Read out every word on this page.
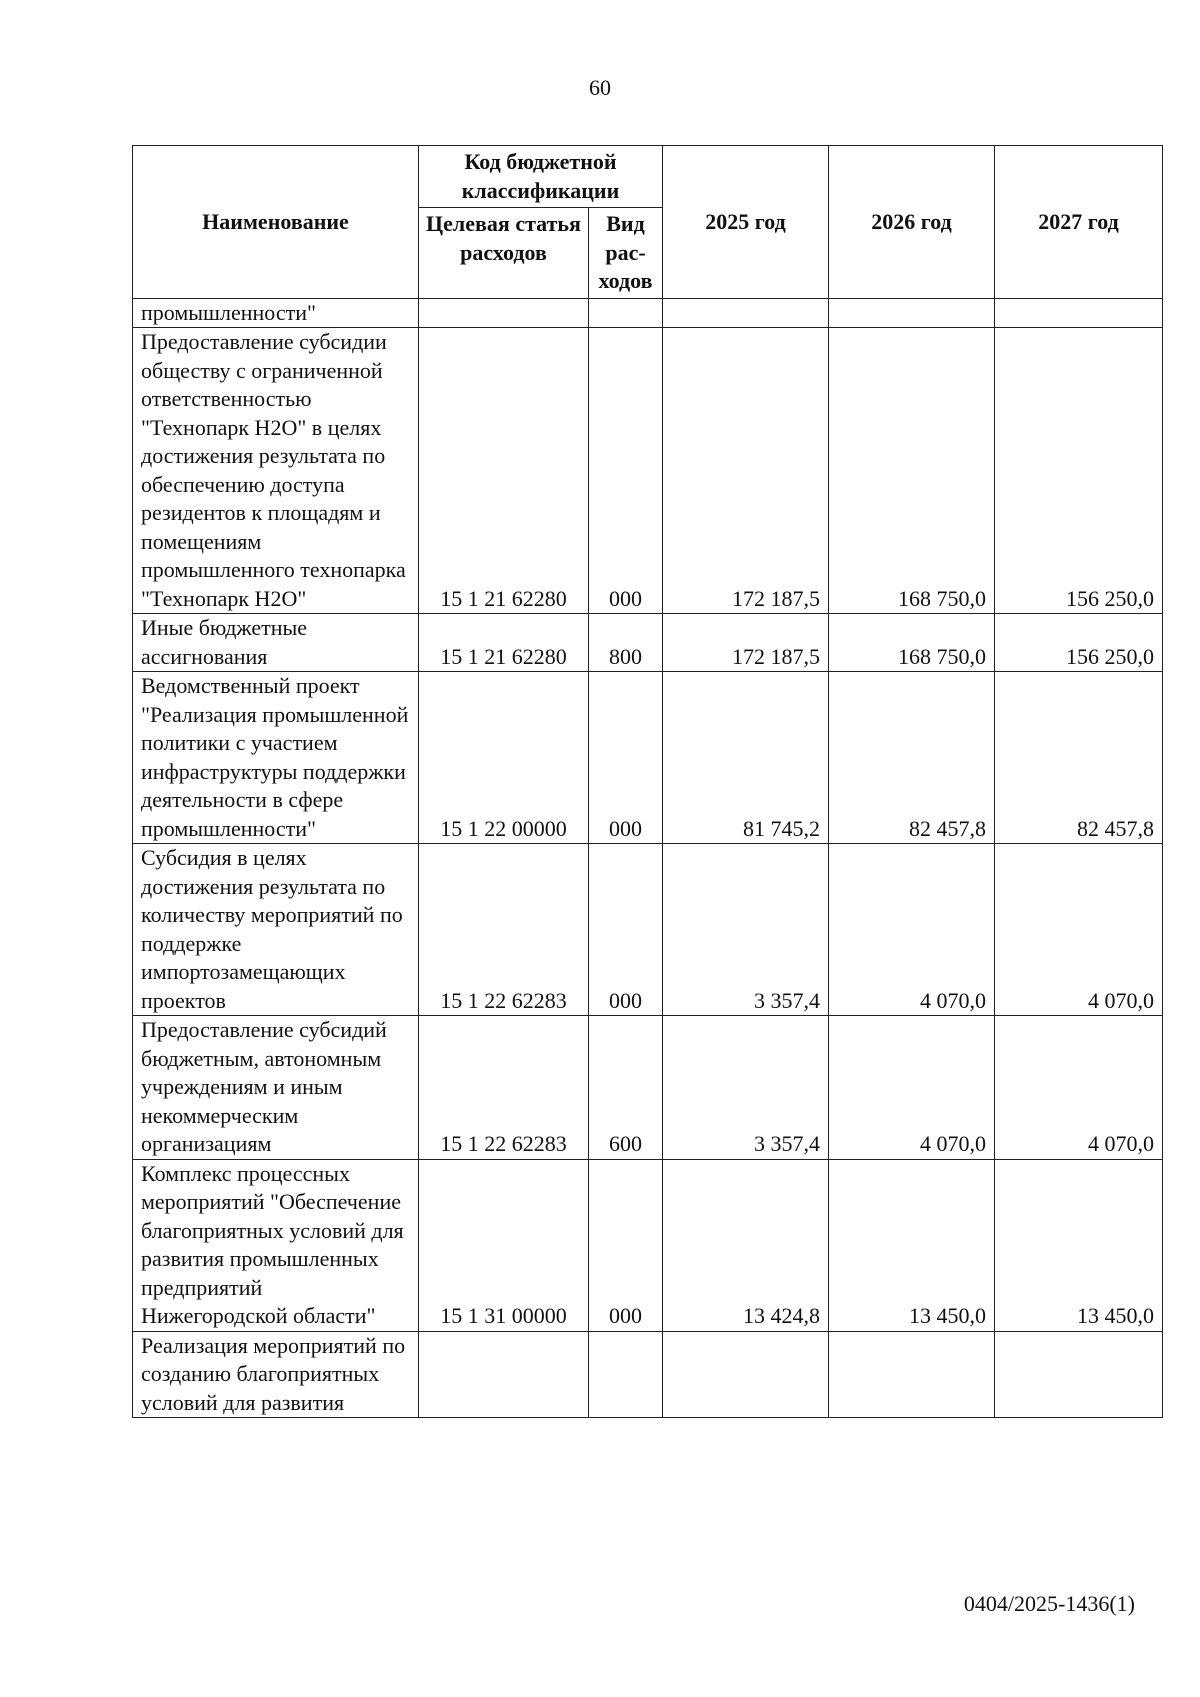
60
Наименование	Код бюджетной классификации		2025 год	2026 год	2027 год
	Целевая статья расходов	Вид рас-ходов			
промышленности"					
Предоставление субсидии обществу с ограниченной ответственностью "Технопарк H2O" в целях достижения результата по обеспечению доступа резидентов к площадям и помещениям промышленного технопарка "Технопарк H2O"	15 1 21 62280	000	172 187,5	168 750,0	156 250,0
Иные бюджетные ассигнования	15 1 21 62280	800	172 187,5	168 750,0	156 250,0
Ведомственный проект "Реализация промышленной политики с участием инфраструктуры поддержки деятельности в сфере промышленности"	15 1 22 00000	000	81 745,2	82 457,8	82 457,8
Субсидия в целях достижения результата по количеству мероприятий по поддержке импортозамещающих проектов	15 1 22 62283	000	3 357,4	4 070,0	4 070,0
Предоставление субсидий бюджетным, автономным учреждениям и иным некоммерческим организациям	15 1 22 62283	600	3 357,4	4 070,0	4 070,0
Комплекс процессных мероприятий "Обеспечение благоприятных условий для развития промышленных предприятий Нижегородской области"	15 1 31 00000	000	13 424,8	13 450,0	13 450,0
Реализация мероприятий по созданию благоприятных условий для развития					
0404/2025-1436(1)
